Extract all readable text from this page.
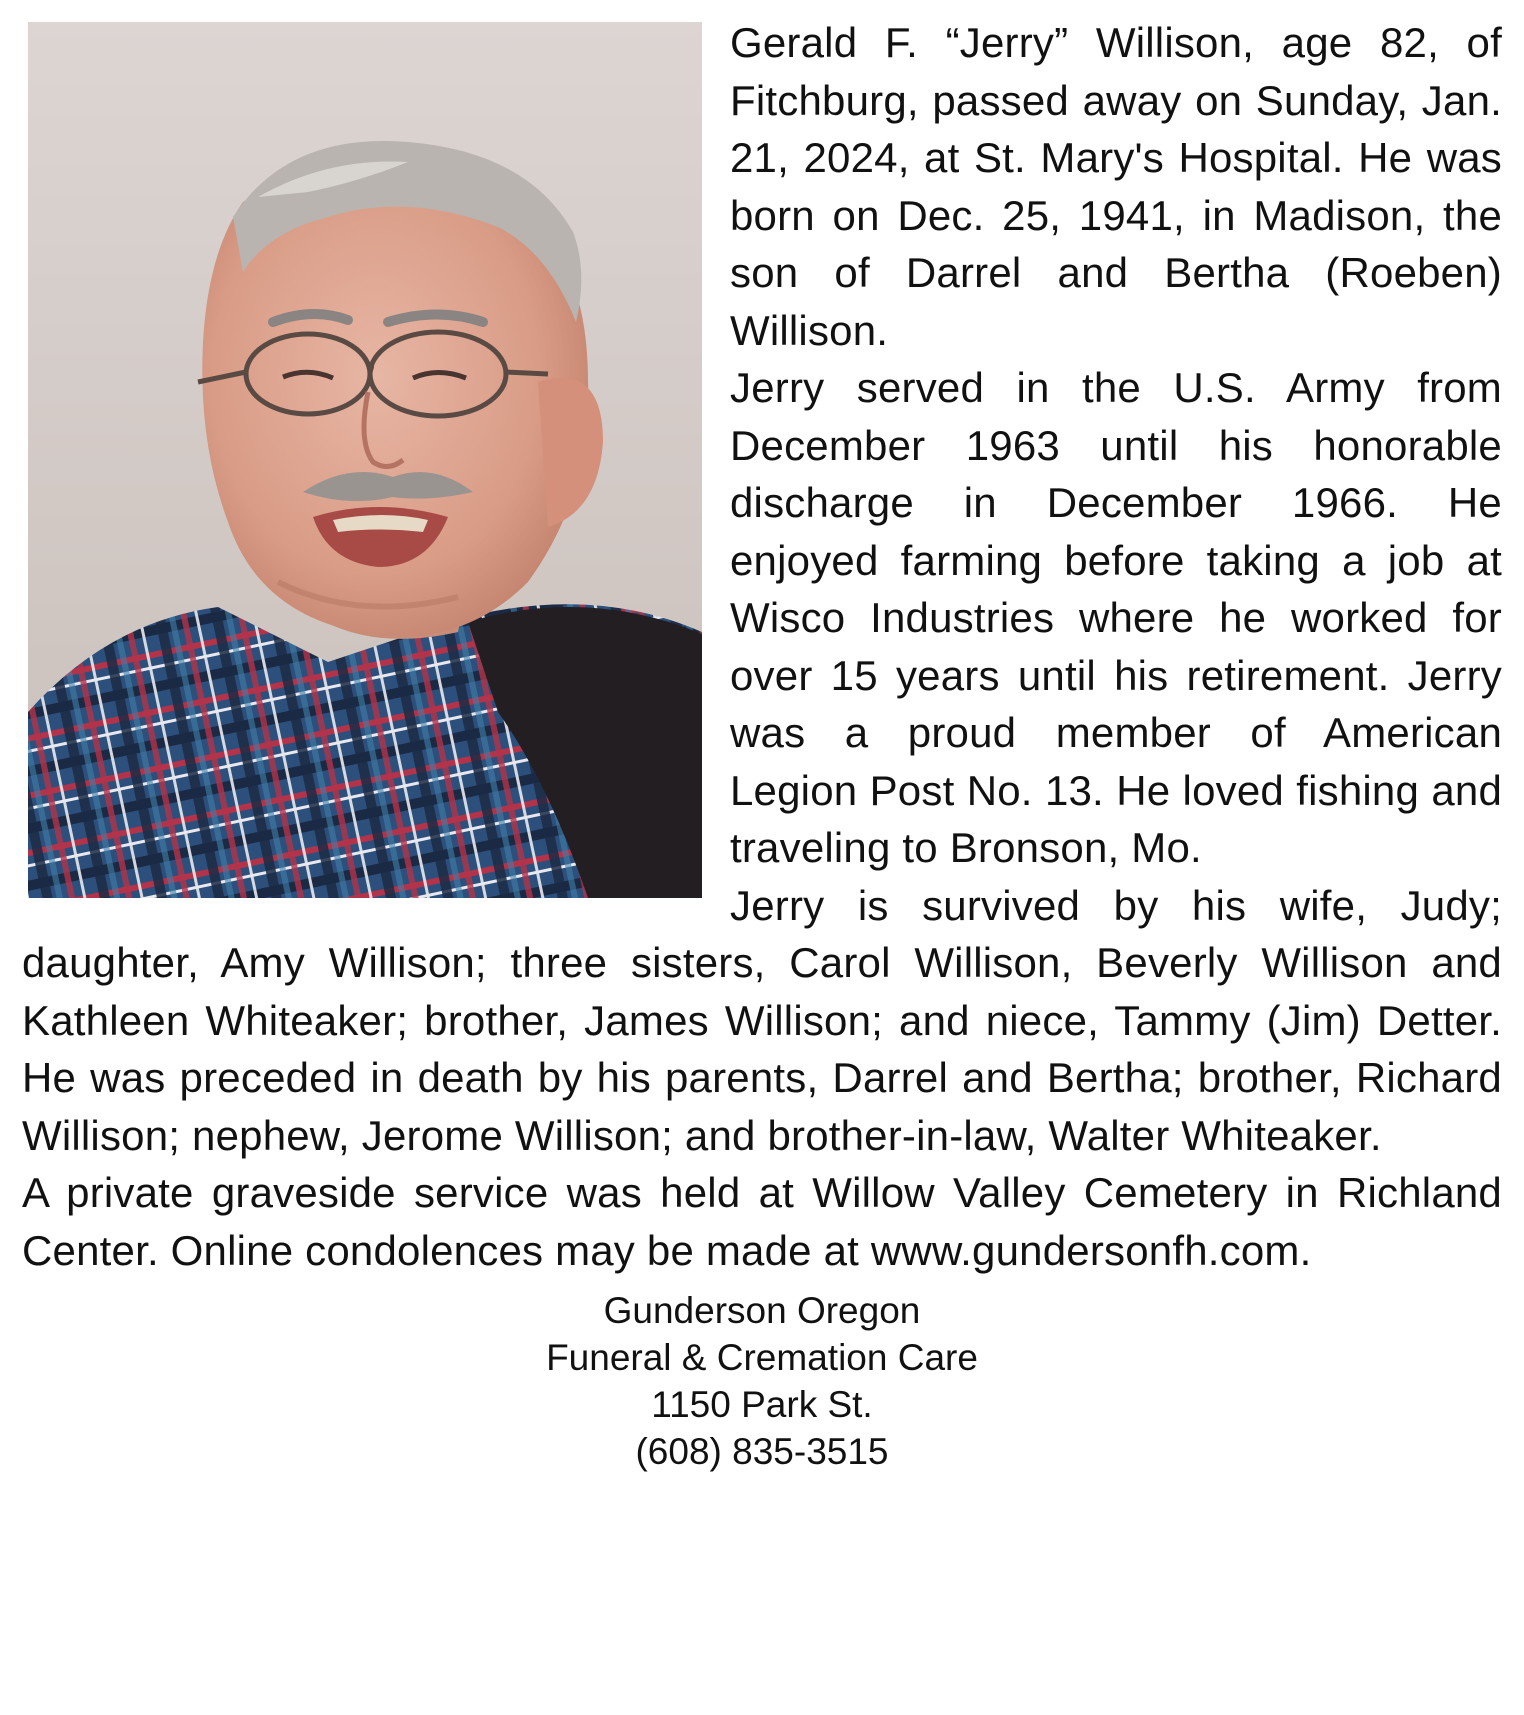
Gerald F. “Jerry” Willison, age 82, of Fitchburg, passed away on Sunday, Jan. 21, 2024, at St. Mary's Hospital. He was born on Dec. 25, 1941, in Madison, the son of Darrel and Bertha (Roeben) Willison.

Jerry served in the U.S. Army from December 1963 until his honorable discharge in December 1966. He enjoyed farming before taking a job at Wisco Industries where he worked for over 15 years until his retirement. Jerry was a proud member of American Legion Post No. 13. He loved fishing and traveling to Bronson, Mo.

Jerry is survived by his wife, Judy; daughter, Amy Willison; three sisters, Carol Willison, Beverly Willison and Kathleen Whiteaker; brother, James Willison; and niece, Tammy (Jim) Detter. He was preceded in death by his parents, Darrel and Bertha; brother, Richard Willison; nephew, Jerome Willison; and brother-in-law, Walter Whiteaker.

A private graveside service was held at Willow Valley Cemetery in Richland Center. Online condolences may be made at www.gundersonfh.com.

Gunderson Oregon
Funeral & Cremation Care
1150 Park St.
(608) 835-3515
